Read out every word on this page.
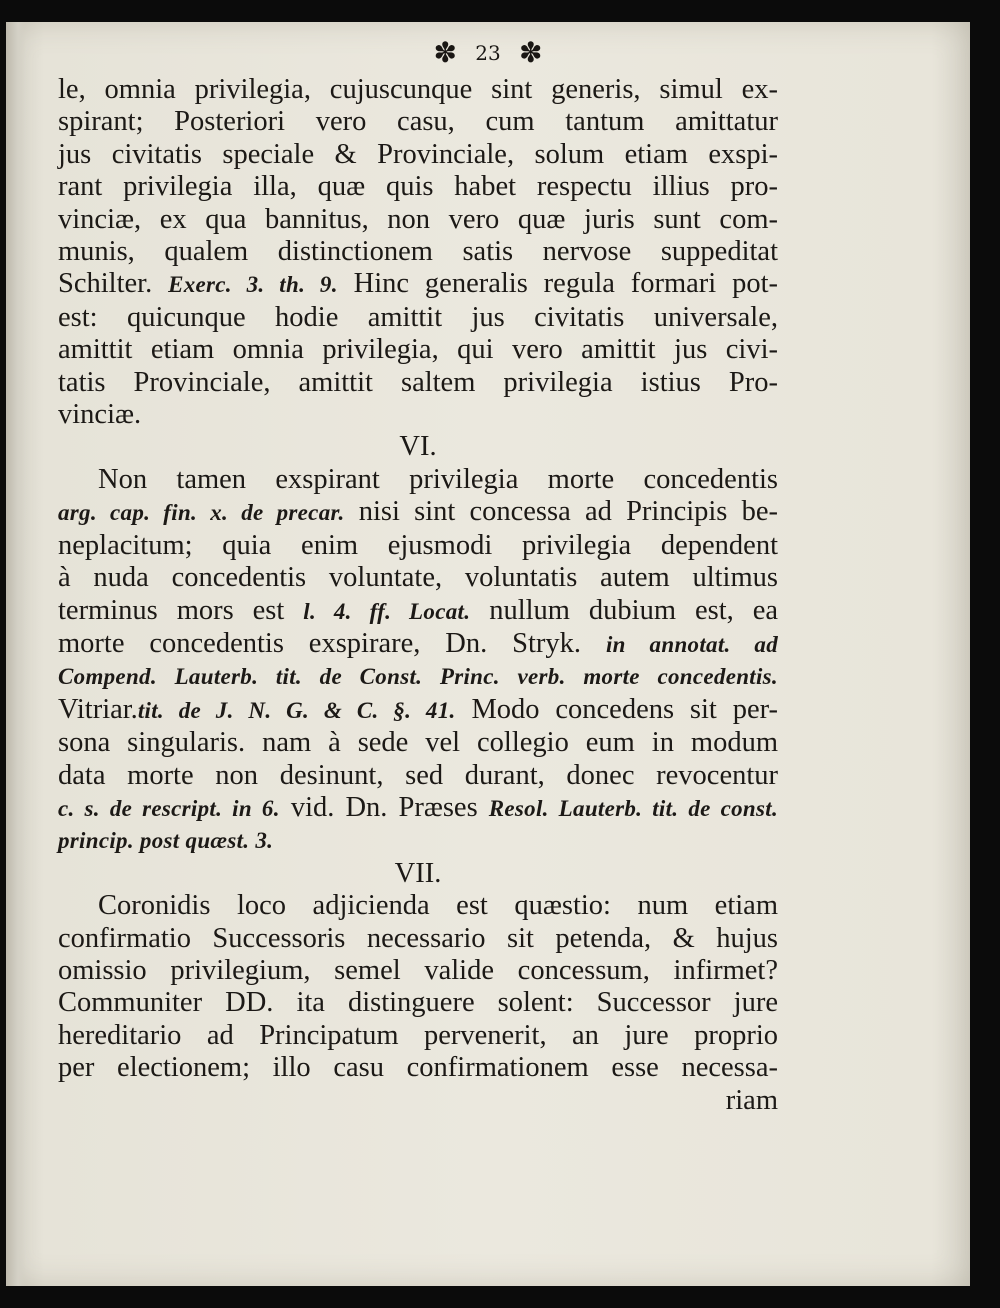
✽ 23 ✽
le, omnia privilegia, cujuscunque sint generis, simul ex-
spirant; Posteriori vero casu, cum tantum amittatur
jus civitatis speciale & Provinciale, solum etiam exspi-
rant privilegia illa, quæ quis habet respectu illius pro-
vinciæ, ex qua bannitus, non vero quæ juris sunt com-
munis, qualem distinctionem satis nervose suppeditat
Schilter. Exerc. 3. th. 9. Hinc generalis regula formari pot-
est: quicunque hodie amittit jus civitatis universale,
amittit etiam omnia privilegia, qui vero amittit jus civi-
tatis Provinciale, amittit saltem privilegia istius Pro-
vinciæ.
VI.
Non tamen exspirant privilegia morte concedentis
arg. cap. fin. x. de precar. nisi sint concessa ad Principis be-
neplacitum; quia enim ejusmodi privilegia dependent
à nuda concedentis voluntate, voluntatis autem ultimus
terminus mors est l. 4. ff. Locat. nullum dubium est, ea
morte concedentis exspirare, Dn. Stryk. in annotat. ad
Compend. Lauterb. tit. de Const. Princ. verb. morte concedentis.
Vitriar.tit. de J. N. G. & C. §. 41. Modo concedens sit per-
sona singularis. nam à sede vel collegio eum in modum
data morte non desinunt, sed durant, donec revocentur
c. s. de rescript. in 6. vid. Dn. Præses Resol. Lauterb. tit. de const.
princip. post quæst. 3.
VII.
Coronidis loco adjicienda est quæstio: num etiam
confirmatio Successoris necessario sit petenda, & hujus
omissio privilegium, semel valide concessum, infirmet?
Communiter DD. ita distinguere solent: Successor jure
hereditario ad Principatum pervenerit, an jure proprio
per electionem; illo casu confirmationem esse necessa-
riam
